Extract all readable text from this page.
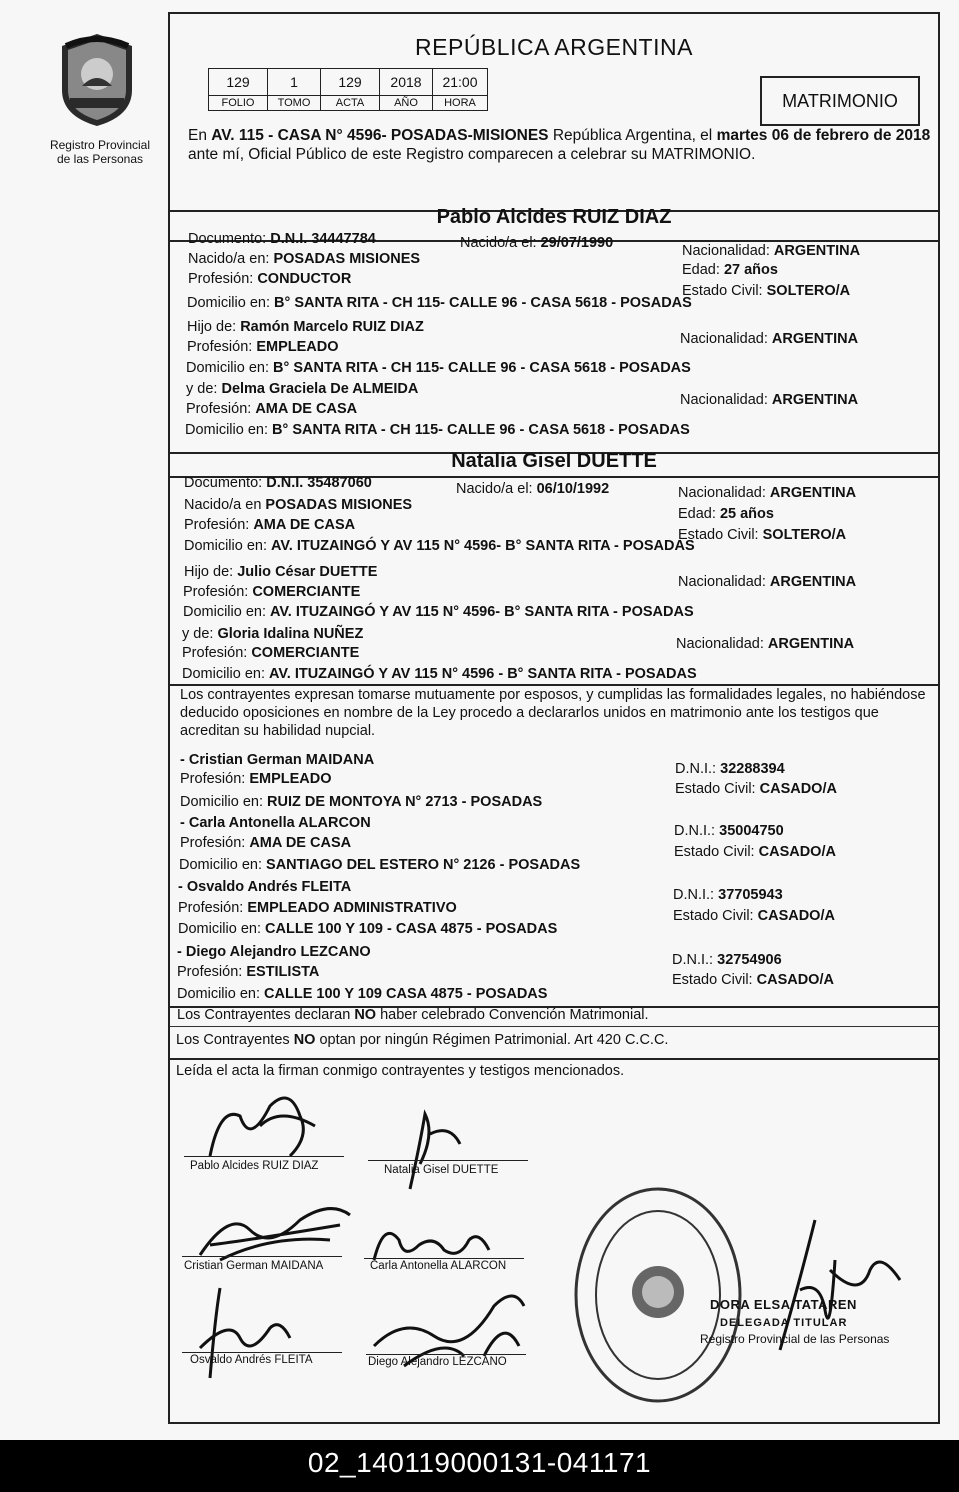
Registro Provincial
de las Personas
REPÚBLICA ARGENTINA
129	1	129	2018	21:00
FOLIO	TOMO	ACTA	AÑO	HORA	MATRIMONIO
En AV. 115 - CASA N° 4596- POSADAS-MISIONES República Argentina, el martes 06 de febrero de 2018 ante mí, Oficial Público de este Registro comparecen a celebrar su MATRIMONIO.
Pablo Alcides RUIZ DIAZ
Documento: D.N.I. 34447784	Nacido/a el: 29/07/1990	Nacionalidad: ARGENTINA
Nacido/a en: POSADAS MISIONES
Edad: 27 años
Profesión: CONDUCTOR
Estado Civil: SOLTERO/A
Domicilio en: B° SANTA RITA - CH 115- CALLE 96 - CASA 5618 - POSADAS
Hijo de: Ramón Marcelo RUIZ DIAZ
Nacionalidad: ARGENTINA
Profesión: EMPLEADO
Domicilio en: B° SANTA RITA - CH 115- CALLE 96 - CASA 5618 - POSADAS
y de: Delma Graciela De ALMEIDA
Nacionalidad: ARGENTINA
Profesión: AMA DE CASA
Domicilio en: B° SANTA RITA - CH 115- CALLE 96 - CASA 5618 - POSADAS
Natalia Gisel DUETTE
Documento: D.N.I. 35487060	Nacido/a el: 06/10/1992	Nacionalidad: ARGENTINA
Nacido/a en POSADAS MISIONES
Edad: 25 años
Profesión: AMA DE CASA
Estado Civil: SOLTERO/A
Domicilio en: AV. ITUZAINGÓ Y AV 115 N° 4596- B° SANTA RITA - POSADAS
Hijo de: Julio César DUETTE
Nacionalidad: ARGENTINA
Profesión: COMERCIANTE
Domicilio en: AV. ITUZAINGÓ Y AV 115 N° 4596- B° SANTA RITA - POSADAS
y de: Gloria Idalina NUÑEZ
Nacionalidad: ARGENTINA
Profesión: COMERCIANTE
Domicilio en: AV. ITUZAINGÓ Y AV 115 N° 4596 - B° SANTA RITA - POSADAS
Los contrayentes expresan tomarse mutuamente por esposos, y cumplidas las formalidades legales, no habiéndose deducido oposiciones en nombre de la Ley procedo a declararlos unidos en matrimonio ante los testigos que acreditan su habilidad nupcial.
- Cristian German MAIDANA
Profesión: EMPLEADO
Domicilio en: RUIZ DE MONTOYA N° 2713 - POSADAS
D.N.I.: 32288394
Estado Civil: CASADO/A
- Carla Antonella ALARCON
Profesión: AMA DE CASA
Domicilio en: SANTIAGO DEL ESTERO N° 2126 - POSADAS
D.N.I.: 35004750
Estado Civil: CASADO/A
- Osvaldo Andrés FLEITA
Profesión: EMPLEADO ADMINISTRATIVO
Domicilio en: CALLE 100 Y 109 - CASA 4875 - POSADAS
D.N.I.: 37705943
Estado Civil: CASADO/A
- Diego Alejandro LEZCANO
Profesión: ESTILISTA
Domicilio en: CALLE 100 Y 109 CASA 4875 - POSADAS
D.N.I.: 32754906
Estado Civil: CASADO/A
Los Contrayentes declaran NO haber celebrado Convención Matrimonial.
Los Contrayentes NO optan por ningún Régimen Patrimonial. Art 420 C.C.C.
Leída el acta la firman conmigo contrayentes y testigos mencionados.
Pablo Alcides RUIZ DIAZ	Natalia Gisel DUETTE
Cristian German MAIDANA	Carla Antonella ALARCON
Osvaldo Andrés FLEITA	Diego Alejandro LEZCANO
DORA ELSA TATAREN
DELEGADA TITULAR
Registro Provincial de las Personas
02_140119000131-041171
